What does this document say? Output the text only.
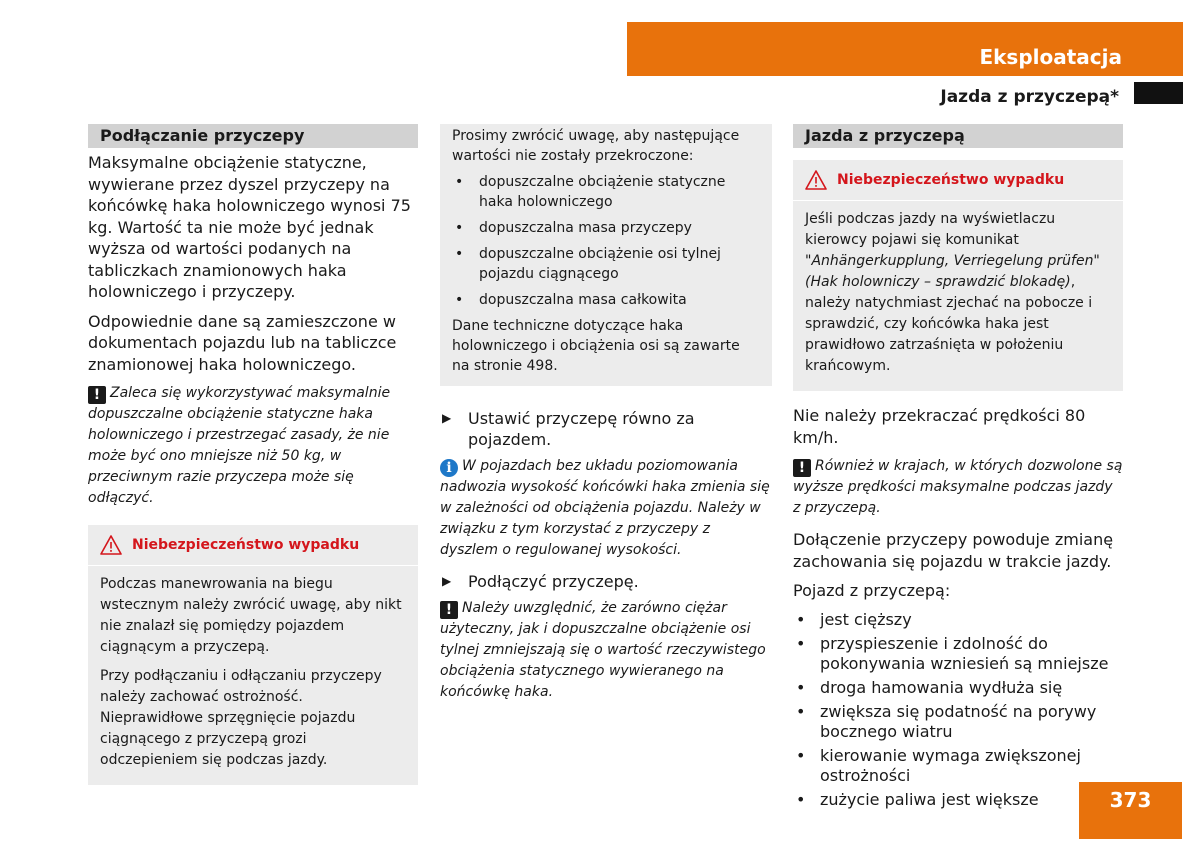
Eksploatacja
Jazda z przyczepą*
Podłączanie przyczepy

Maksymalne obciążenie statyczne, wywierane przez dyszel przyczepy na końcówkę haka holowniczego wynosi 75 kg. Wartość ta nie może być jednak wyższa od wartości podanych na tabliczkach znamionowych haka holowniczego i przyczepy.

Odpowiednie dane są zamieszczone w dokumentach pojazdu lub na tabliczce znamionowej haka holowniczego.

! Zaleca się wykorzystywać maksymalnie dopuszczalne obciążenie statyczne haka holowniczego i przestrzegać zasady, że nie może być ono mniejsze niż 50 kg, w przeciwnym razie przyczepa może się odłączyć.

Niebezpieczeństwo wypadku

Podczas manewrowania na biegu wstecznym należy zwrócić uwagę, aby nikt nie znalazł się pomiędzy pojazdem ciągnącym a przyczepą.

Przy podłączaniu i odłączaniu przyczepy należy zachować ostrożność. Nieprawidłowe sprzęgnięcie pojazdu ciągnącego z przyczepą grozi odczepieniem się podczas jazdy.

Prosimy zwrócić uwagę, aby następujące wartości nie zostały przekroczone:

• dopuszczalne obciążenie statyczne haka holowniczego
• dopuszczalna masa przyczepy
• dopuszczalne obciążenie osi tylnej pojazdu ciągnącego
• dopuszczalna masa całkowita

Dane techniczne dotyczące haka holowniczego i obciążenia osi są zawarte na stronie 498.

▶	Ustawić przyczepę równo za pojazdem.

i W pojazdach bez układu poziomowania nadwozia wysokość końcówki haka zmienia się w zależności od obciążenia pojazdu. Należy w związku z tym korzystać z przyczepy z dyszlem o regulowanej wysokości.

▶	Podłączyć przyczepę.

! Należy uwzględnić, że zarówno ciężar użyteczny, jak i dopuszczalne obciążenie osi tylnej zmniejszają się o wartość rzeczywistego obciążenia statycznego wywieranego na końcówkę haka.

Jazda z przyczepą
Niebezpieczeństwo wypadku

Jeśli podczas jazdy na wyświetlaczu kierowcy pojawi się komunikat "Anhängerkupplung, Verriegelung prüfen" (Hak holowniczy – sprawdzić blokadę), należy natychmiast zjechać na pobocze i sprawdzić, czy końcówka haka jest prawidłowo zatrzaśnięta w położeniu krańcowym.

Nie należy przekraczać prędkości 80 km/h.

! Również w krajach, w których dozwolone są wyższe prędkości maksymalne podczas jazdy z przyczepą.

Dołączenie przyczepy powoduje zmianę zachowania się pojazdu w trakcie jazdy.

Pojazd z przyczepą:

• jest cięższy
• przyspieszenie i zdolność do pokonywania wzniesień są mniejsze
• droga hamowania wydłuża się
• zwiększa się podatność na porywy bocznego wiatru
• kierowanie wymaga zwiększonej ostrożności
• zużycie paliwa jest większe	373
